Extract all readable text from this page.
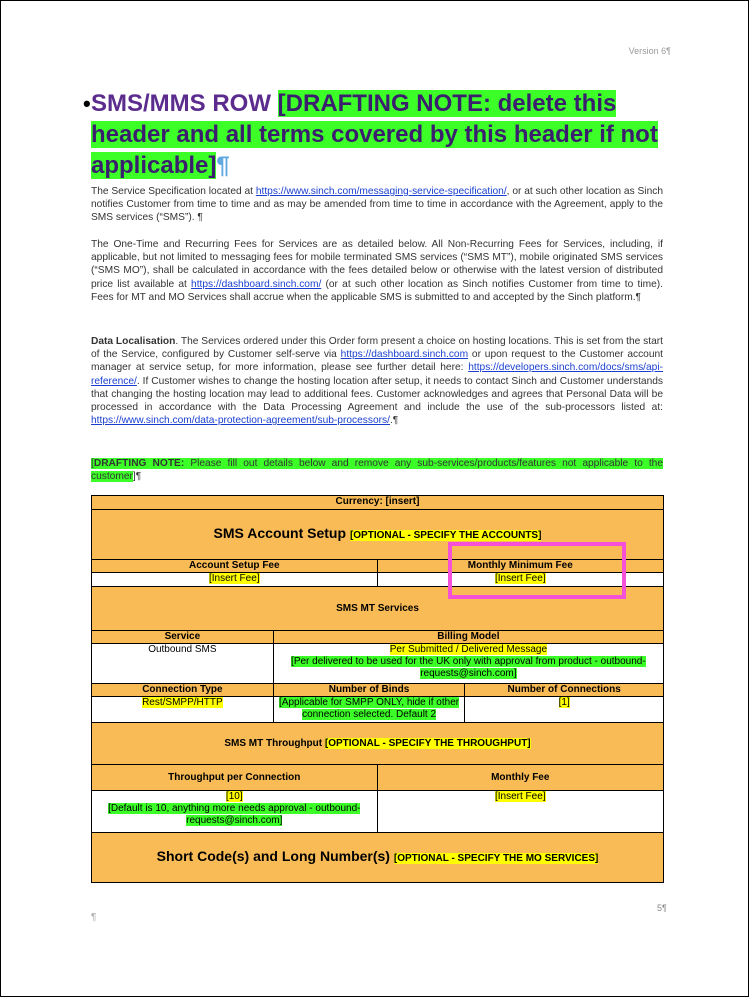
Version 6¶
• SMS/MMS ROW [DRAFTING NOTE: delete this header and all terms covered by this header if not applicable]¶

The Service Specification located at https://www.sinch.com/messaging-service-specification/, or at such other location as Sinch notifies Customer from time to time and as may be amended from time to time in accordance with the Agreement, apply to the SMS services (“SMS”). ¶

The One-Time and Recurring Fees for Services are as detailed below. All Non-Recurring Fees for Services, including, if applicable, but not limited to messaging fees for mobile terminated SMS services (“SMS MT”), mobile originated SMS services (“SMS MO”), shall be calculated in accordance with the fees detailed below or otherwise with the latest version of distributed price list available at https://dashboard.sinch.com/ (or at such other location as Sinch notifies Customer from time to time). Fees for MT and MO Services shall accrue when the applicable SMS is submitted to and accepted by the Sinch platform.¶

Data Localisation. The Services ordered under this Order form present a choice on hosting locations. This is set from the start of the Service, configured by Customer self-serve via https://dashboard.sinch.com or upon request to the Customer account manager at service setup, for more information, please see further detail here: https://developers.sinch.com/docs/sms/api-reference/. If Customer wishes to change the hosting location after setup, it needs to contact Sinch and Customer understands that changing the hosting location may lead to additional fees. Customer acknowledges and agrees that Personal Data will be processed in accordance with the Data Processing Agreement and include the use of the sub-processors listed at: https://www.sinch.com/data-protection-agreement/sub-processors/.¶

[DRAFTING NOTE: Please fill out details below and remove any sub-services/products/features not applicable to the customer]¶

Currency: [insert]			
SMS Account Setup [OPTIONAL - SPECIFY THE ACCOUNTS]			
Account Setup Fee		Monthly Minimum Fee	
[Insert Fee]		[Insert Fee]	
SMS MT Services			
Service	Billing Model		
Outbound SMS	Per Submitted / Delivered Message
[Per delivered to be used for the UK only with approval from product - outbound-requests@sinch.com]		
Connection Type	Number of Binds		Number of Connections
Rest/SMPP/HTTP	[Applicable for SMPP ONLY, hide if other connection selected. Default 2		[1]
SMS MT Throughput [OPTIONAL - SPECIFY THE THROUGHPUT]			
Throughput per Connection		Monthly Fee	
[10]
[Default is 10, anything more needs approval - outbound-requests@sinch.com]		[Insert Fee]	
Short Code(s) and Long Number(s) [OPTIONAL - SPECIFY THE MO SERVICES]			
5¶
¶
